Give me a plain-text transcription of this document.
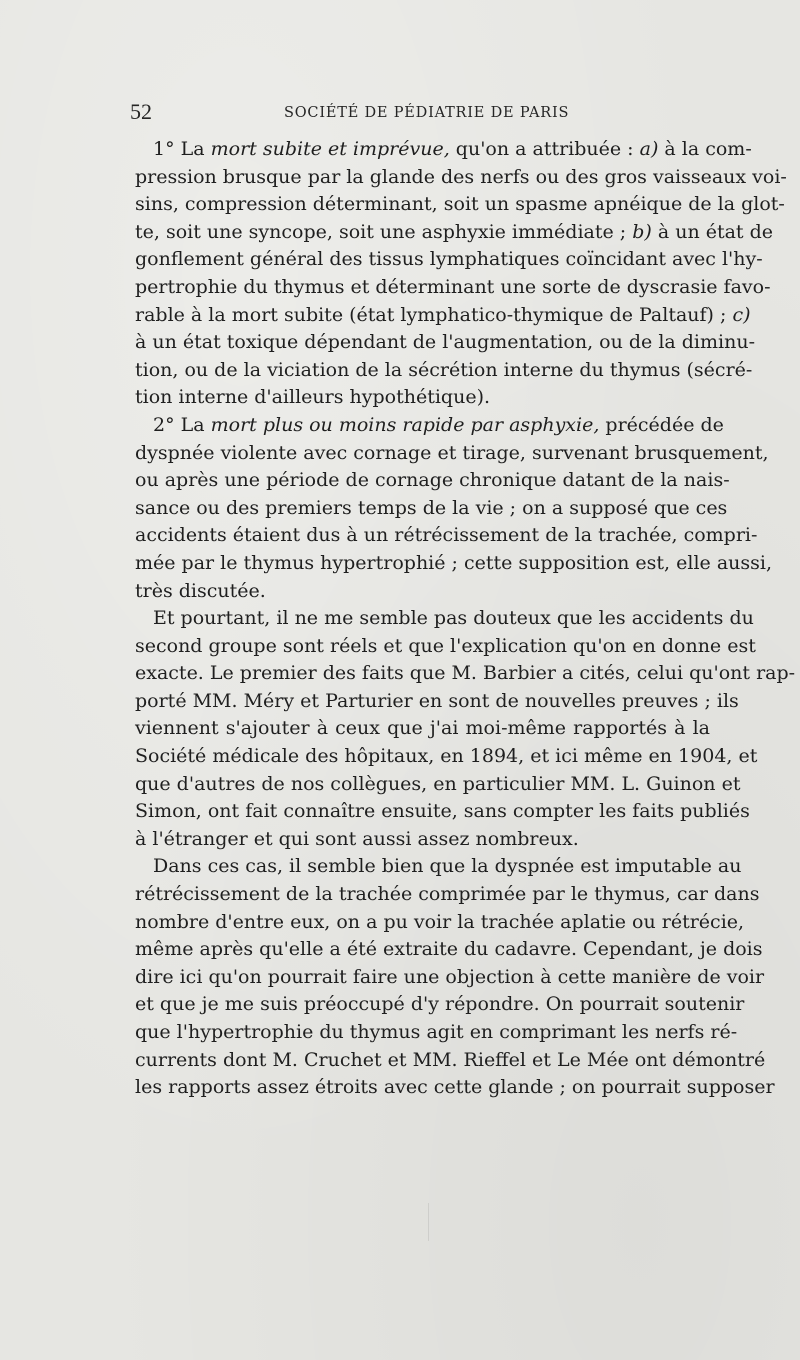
52	SOCIÉTÉ DE PÉDIATRIE DE PARIS
1° La mort subite et imprévue, qu'on a attribuée : a) à la com-
pression brusque par la glande des nerfs ou des gros vaisseaux voi-
sins, compression déterminant, soit un spasme apnéique de la glot-
te, soit une syncope, soit une asphyxie immédiate ; b) à un état de
gonflement général des tissus lymphatiques coïncidant avec l'hy-
pertrophie du thymus et déterminant une sorte de dyscrasie favo-
rable à la mort subite (état lymphatico-thymique de Paltauf) ; c)
à un état toxique dépendant de l'augmentation, ou de la diminu-
tion, ou de la viciation de la sécrétion interne du thymus (sécré-
tion interne d'ailleurs hypothétique).
2° La mort plus ou moins rapide par asphyxie, précédée de
dyspnée violente avec cornage et tirage, survenant brusquement,
ou après une période de cornage chronique datant de la nais-
sance ou des premiers temps de la vie ; on a supposé que ces
accidents étaient dus à un rétrécissement de la trachée, compri-
mée par le thymus hypertrophié ; cette supposition est, elle aussi,
très discutée.
Et pourtant, il ne me semble pas douteux que les accidents du
second groupe sont réels et que l'explication qu'on en donne est
exacte. Le premier des faits que M. Barbier a cités, celui qu'ont rap-
porté MM. Méry et Parturier en sont de nouvelles preuves ; ils
viennent s'ajouter à ceux que j'ai moi-même rapportés à la
Société médicale des hôpitaux, en 1894, et ici même en 1904, et
que d'autres de nos collègues, en particulier MM. L. Guinon et
Simon, ont fait connaître ensuite, sans compter les faits publiés
à l'étranger et qui sont aussi assez nombreux.
Dans ces cas, il semble bien que la dyspnée est imputable au
rétrécissement de la trachée comprimée par le thymus, car dans
nombre d'entre eux, on a pu voir la trachée aplatie ou rétrécie,
même après qu'elle a été extraite du cadavre. Cependant, je dois
dire ici qu'on pourrait faire une objection à cette manière de voir
et que je me suis préoccupé d'y répondre. On pourrait soutenir
que l'hypertrophie du thymus agit en comprimant les nerfs ré-
currents dont M. Cruchet et MM. Rieffel et Le Mée ont démontré
les rapports assez étroits avec cette glande ; on pourrait supposer
